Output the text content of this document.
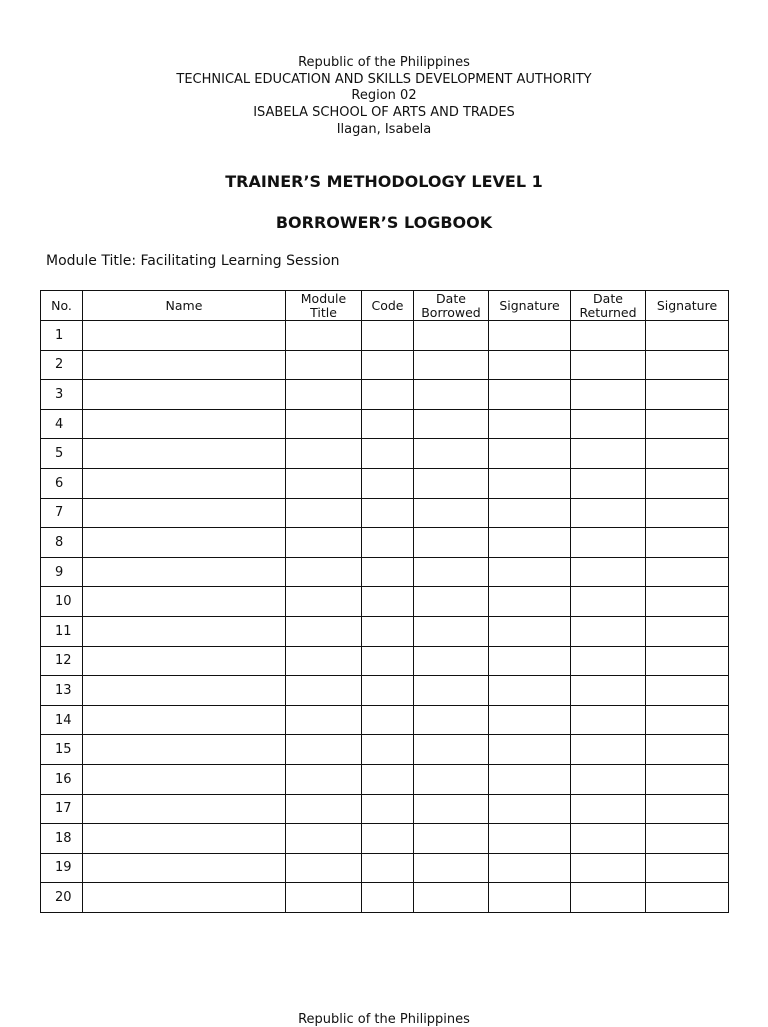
Republic of the Philippines
TECHNICAL EDUCATION AND SKILLS DEVELOPMENT AUTHORITY
Region 02
ISABELA SCHOOL OF ARTS AND TRADES
Ilagan, Isabela
TRAINER’S METHODOLOGY LEVEL 1
BORROWER’S LOGBOOK
Module Title: Facilitating Learning Session
No.	Name	Module Title	Code	Date Borrowed	Signature	Date Returned	Signature
1							
2							
3							
4							
5							
6							
7							
8							
9							
10							
11							
12							
13							
14							
15							
16							
17							
18							
19							
20							
Republic of the Philippines
